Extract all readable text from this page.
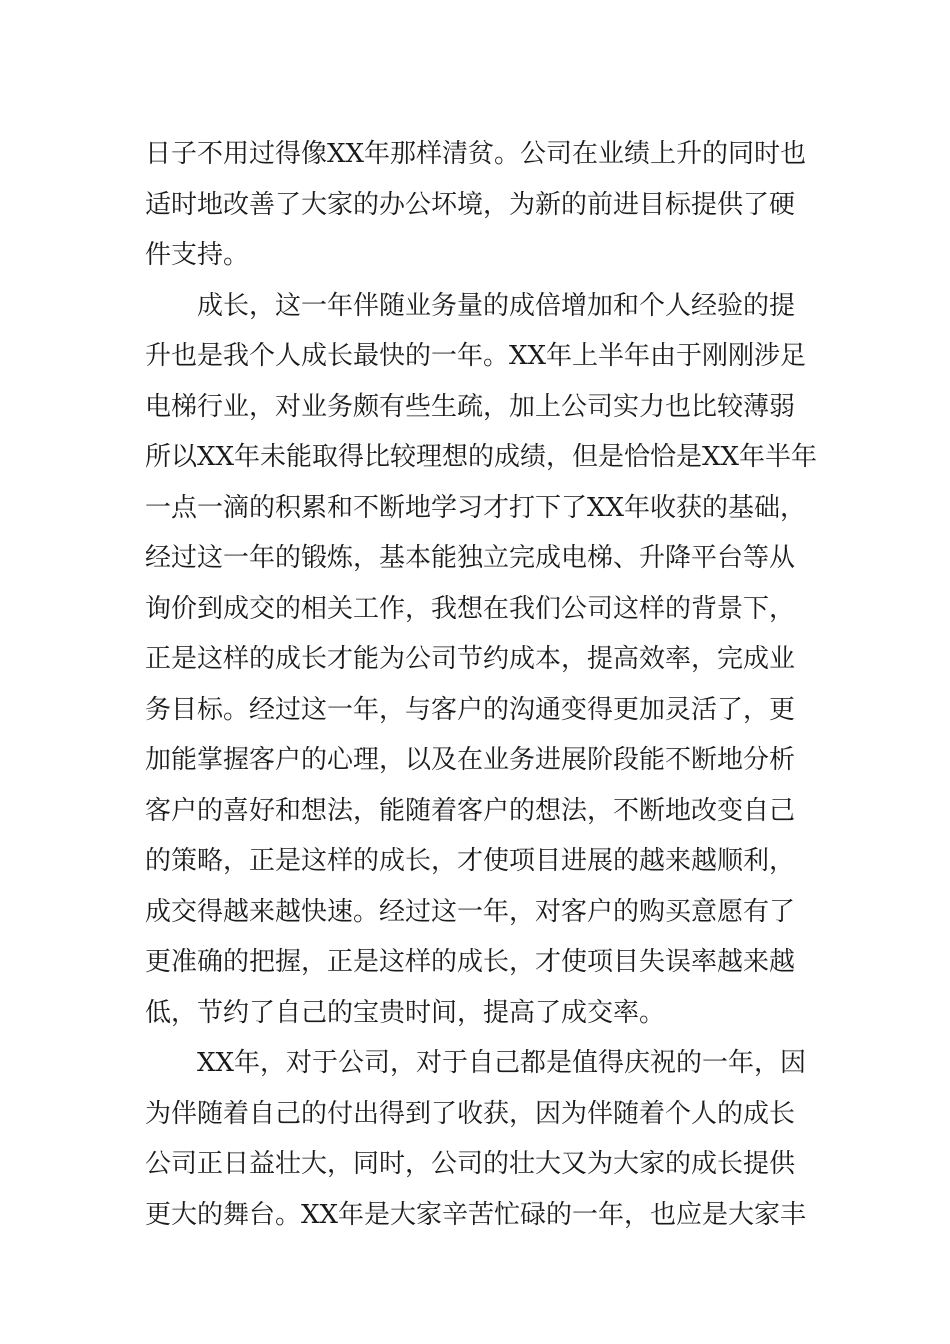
日子不用过得像XX年那样清贫。公司在业绩上升的同时也
适时地改善了大家的办公坏境，为新的前进目标提供了硬
件支持。
成长，这一年伴随业务量的成倍增加和个人经验的提
升也是我个人成长最快的一年。XX年上半年由于刚刚涉足
电梯行业，对业务颇有些生疏，加上公司实力也比较薄弱
所以XX年未能取得比较理想的成绩，但是恰恰是XX年半年
一点一滴的积累和不断地学习才打下了XX年收获的基础，
经过这一年的锻炼，基本能独立完成电梯、升降平台等从
询价到成交的相关工作，我想在我们公司这样的背景下，
正是这样的成长才能为公司节约成本，提高效率，完成业
务目标。经过这一年，与客户的沟通变得更加灵活了，更
加能掌握客户的心理，以及在业务进展阶段能不断地分析
客户的喜好和想法，能随着客户的想法，不断地改变自己
的策略，正是这样的成长，才使项目进展的越来越顺利，
成交得越来越快速。经过这一年，对客户的购买意愿有了
更准确的把握，正是这样的成长，才使项目失误率越来越
低，节约了自己的宝贵时间，提高了成交率。
XX年，对于公司，对于自己都是值得庆祝的一年，因
为伴随着自己的付出得到了收获，因为伴随着个人的成长
公司正日益壮大，同时，公司的壮大又为大家的成长提供
更大的舞台。XX年是大家辛苦忙碌的一年，也应是大家丰
